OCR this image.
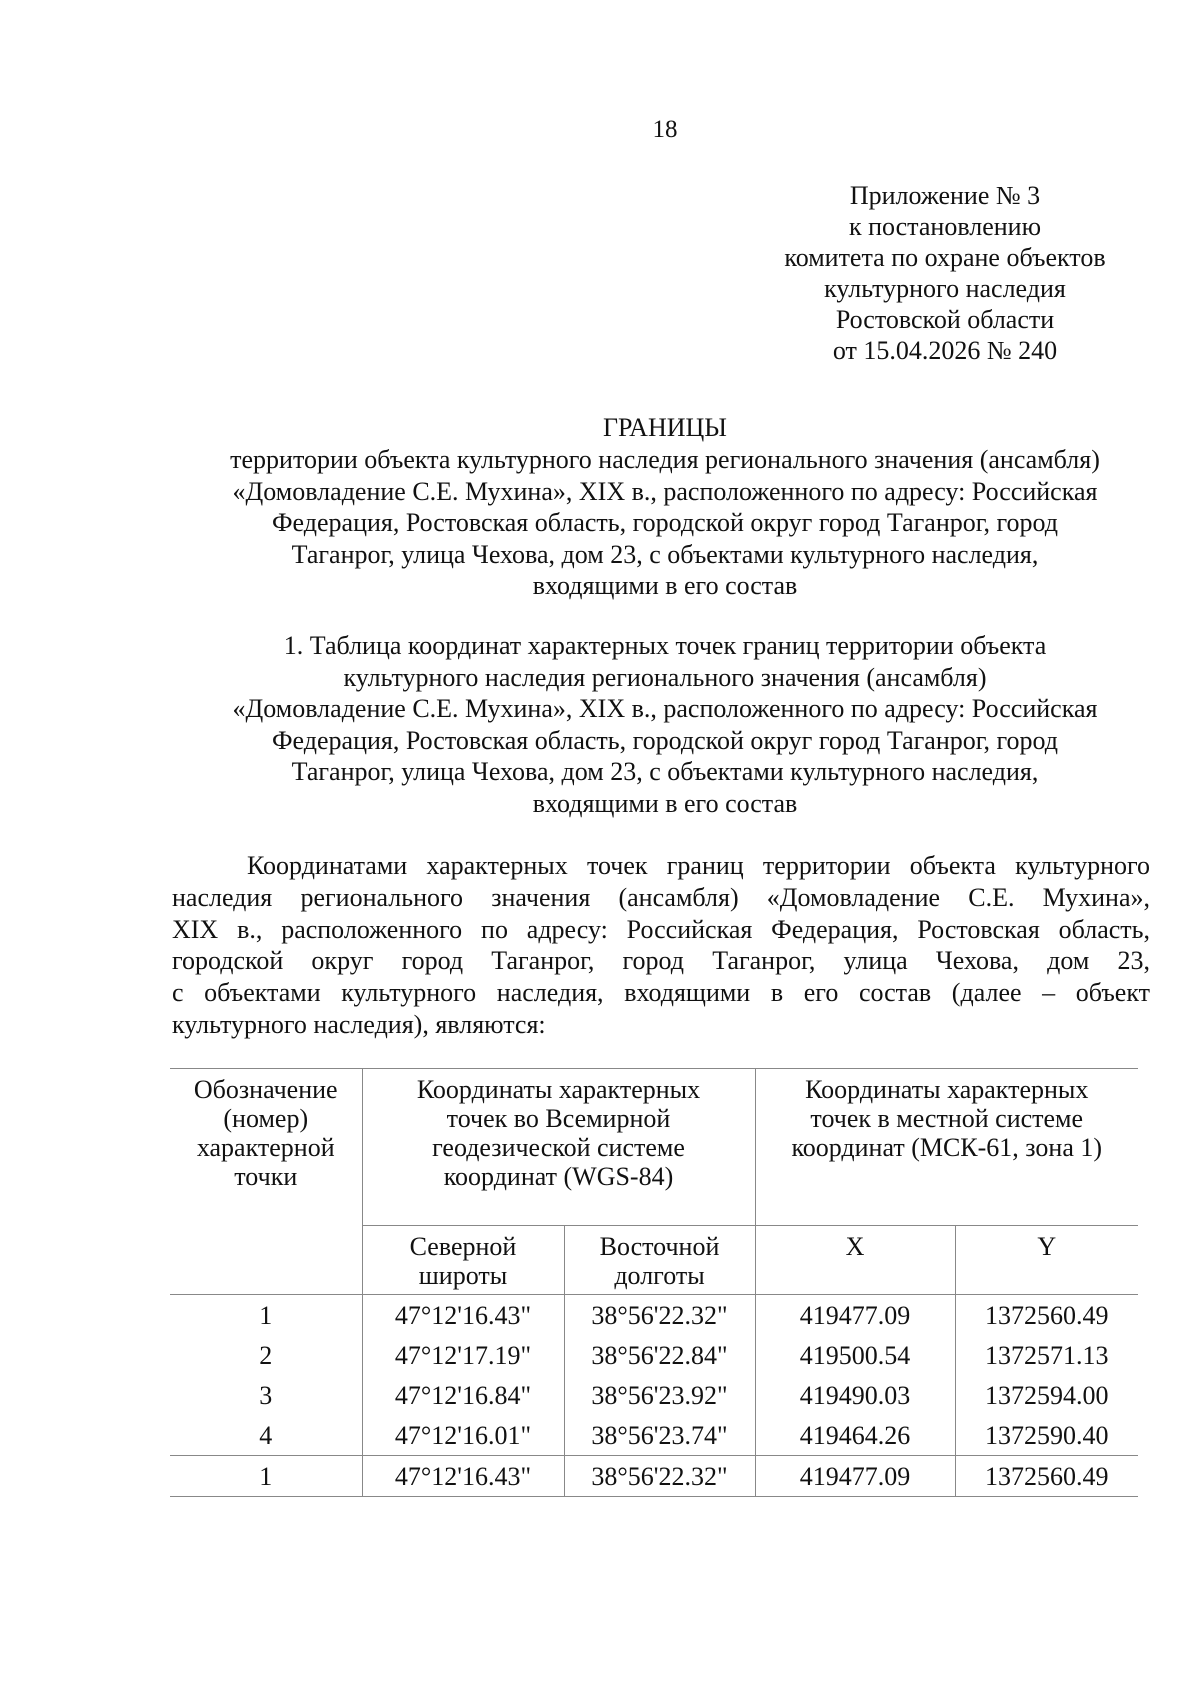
18
Приложение № 3
к постановлению
комитета по охране объектов
культурного наследия
Ростовской области
от 15.04.2026 № 240
ГРАНИЦЫ
территории объекта культурного наследия регионального значения (ансамбля)
«Домовладение С.Е. Мухина», XIX в., расположенного по адресу: Российская
Федерация, Ростовская область, городской округ город Таганрог, город
Таганрог, улица Чехова, дом 23, с объектами культурного наследия,
входящими в его состав
1. Таблица координат характерных точек границ территории объекта
культурного наследия регионального значения (ансамбля)
«Домовладение С.Е. Мухина», XIX в., расположенного по адресу: Российская
Федерация, Ростовская область, городской округ город Таганрог, город
Таганрог, улица Чехова, дом 23, с объектами культурного наследия,
входящими в его состав
Координатами характерных точек границ территории объекта культурного
наследия регионального значения (ансамбля) «Домовладение С.Е. Мухина»,
XIX в., расположенного по адресу: Российская Федерация, Ростовская область,
городской округ город Таганрог, город Таганрог, улица Чехова, дом 23,
с объектами культурного наследия, входящими в его состав (далее – объект
культурного наследия), являются:
Обозначение (номер) характерной точки	Координаты характерных точек во Всемирной геодезической системе координат (WGS-84)		Координаты характерных точек в местной системе координат (МСК-61, зона 1)	
	Северной широты	Восточной долготы	X	Y
1	47°12'16.43"	38°56'22.32"	419477.09	1372560.49
2	47°12'17.19"	38°56'22.84"	419500.54	1372571.13
3	47°12'16.84"	38°56'23.92"	419490.03	1372594.00
4	47°12'16.01"	38°56'23.74"	419464.26	1372590.40
1	47°12'16.43"	38°56'22.32"	419477.09	1372560.49
